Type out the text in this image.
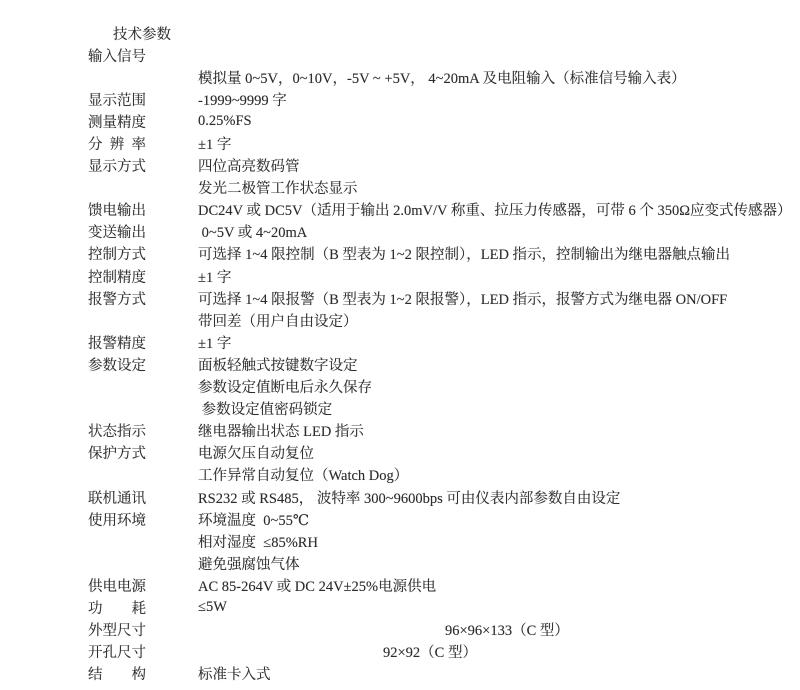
技术参数
输入信号
模拟量 0~5V，0~10V，-5V ~ +5V， 4~20mA 及电阻输入（标准信号输入表）
显示范围	-1999~9999 字
测量精度	0.25%FS
分辨率	±1 字
显示方式	四位高亮数码管
发光二极管工作状态显示
馈电输出	DC24V 或 DC5V（适用于输出 2.0mV/V 称重、拉压力传感器，可带 6 个 350Ω应变式传感器）
变送输出	0~5V 或 4~20mA
控制方式	可选择 1~4 限控制（B 型表为 1~2 限控制），LED 指示，控制输出为继电器触点输出
控制精度	±1 字
报警方式	可选择 1~4 限报警（B 型表为 1~2 限报警），LED 指示，报警方式为继电器 ON/OFF
带回差（用户自由设定）
报警精度	±1 字
参数设定	面板轻触式按键数字设定
参数设定值断电后永久保存
参数设定值密码锁定
状态指示	继电器输出状态 LED 指示
保护方式	电源欠压自动复位
工作异常自动复位（Watch Dog）
联机通讯	RS232 或 RS485， 波特率 300~9600bps 可由仪表内部参数自由设定
使用环境	环境温度  0~55℃
相对湿度  ≤85%RH
避免强腐蚀气体
供电电源	AC 85-264V 或 DC 24V±25%电源供电
功耗	≤5W
外型尺寸	96×96×133（C 型）
开孔尺寸	92×92（C 型）
结构	标准卡入式
